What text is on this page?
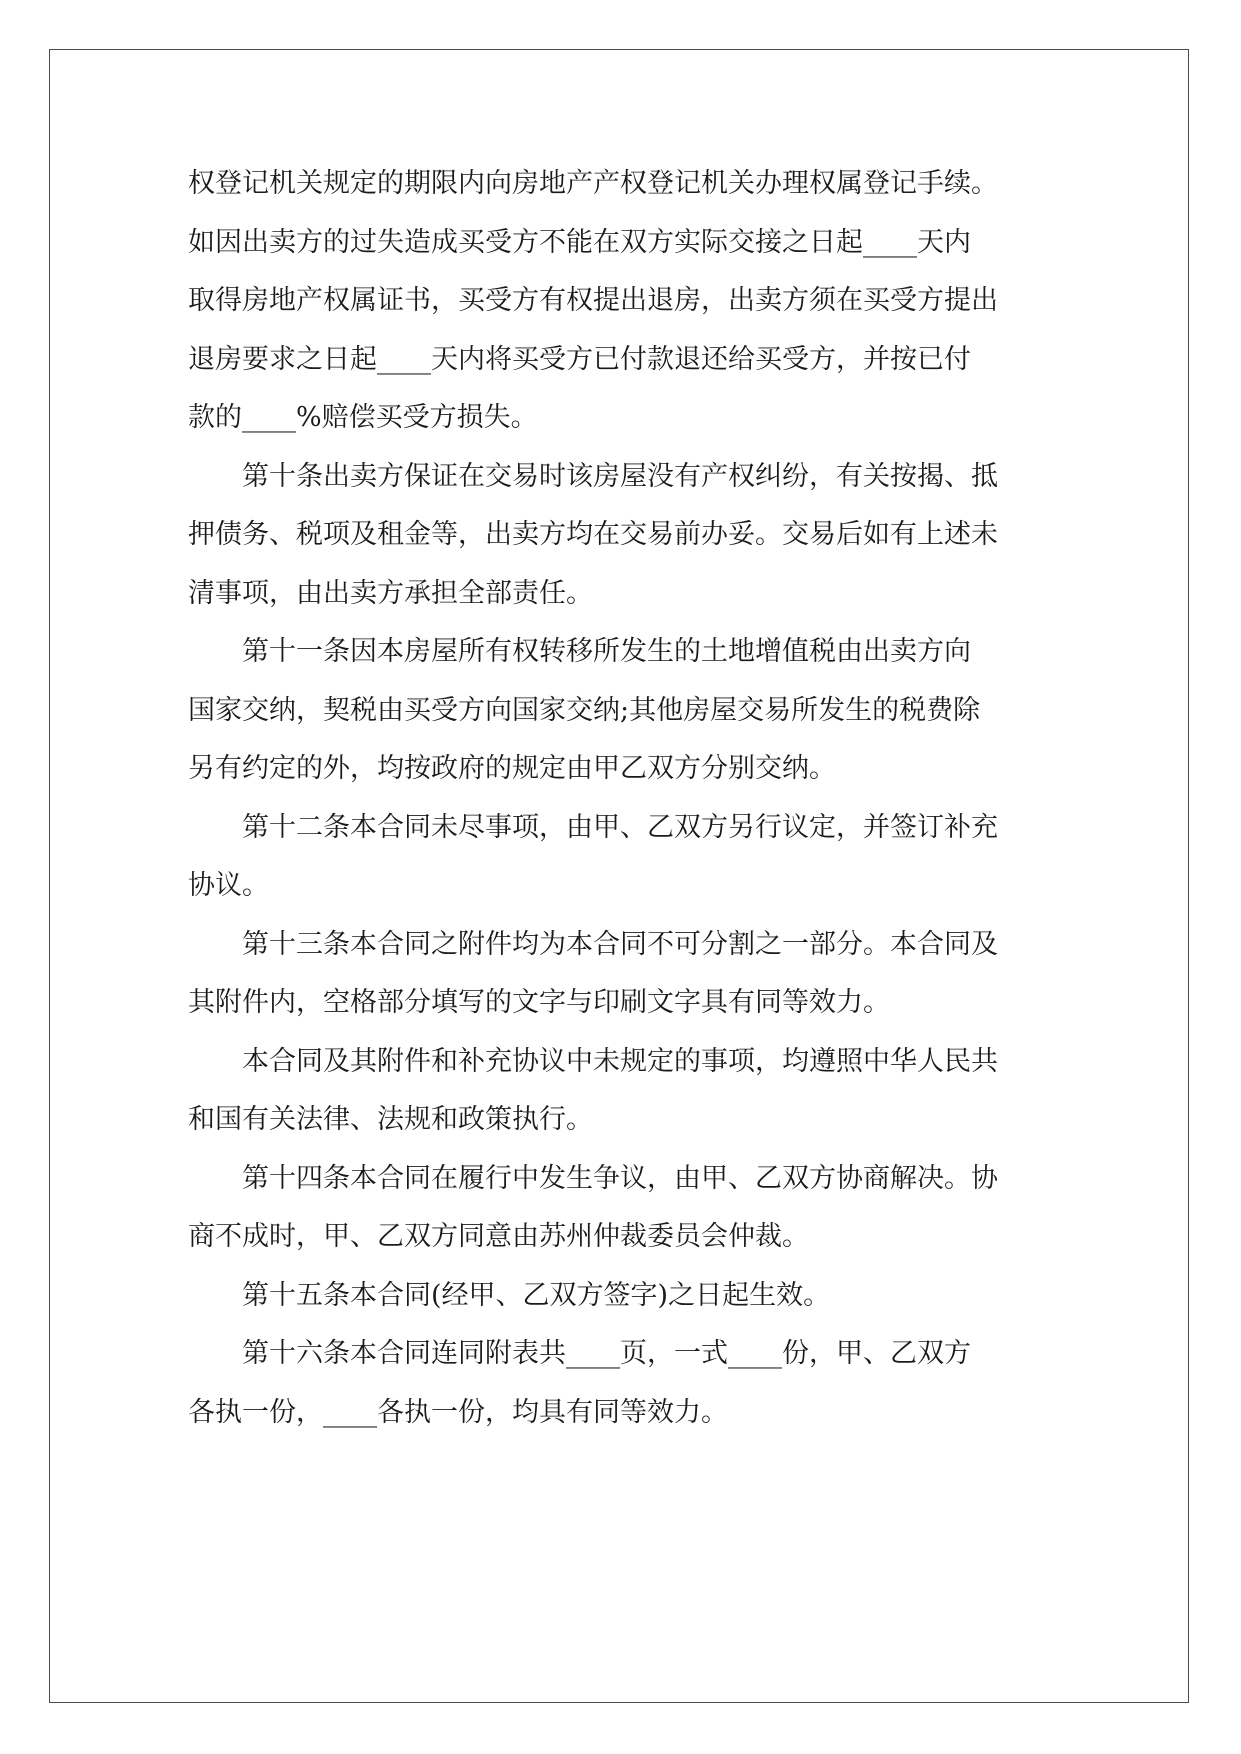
权登记机关规定的期限内向房地产产权登记机关办理权属登记手续。
如因出卖方的过失造成买受方不能在双方实际交接之日起____天内
取得房地产权属证书，买受方有权提出退房，出卖方须在买受方提出
退房要求之日起____天内将买受方已付款退还给买受方，并按已付
款的____%赔偿买受方损失。
第十条出卖方保证在交易时该房屋没有产权纠纷，有关按揭、抵
押债务、税项及租金等，出卖方均在交易前办妥。交易后如有上述未
清事项，由出卖方承担全部责任。
第十一条因本房屋所有权转移所发生的土地增值税由出卖方向
国家交纳，契税由买受方向国家交纳;其他房屋交易所发生的税费除
另有约定的外，均按政府的规定由甲乙双方分别交纳。
第十二条本合同未尽事项，由甲、乙双方另行议定，并签订补充
协议。
第十三条本合同之附件均为本合同不可分割之一部分。本合同及
其附件内，空格部分填写的文字与印刷文字具有同等效力。
本合同及其附件和补充协议中未规定的事项，均遵照中华人民共
和国有关法律、法规和政策执行。
第十四条本合同在履行中发生争议，由甲、乙双方协商解决。协
商不成时，甲、乙双方同意由苏州仲裁委员会仲裁。
第十五条本合同(经甲、乙双方签字)之日起生效。
第十六条本合同连同附表共____页，一式____份，甲、乙双方
各执一份，____各执一份，均具有同等效力。
